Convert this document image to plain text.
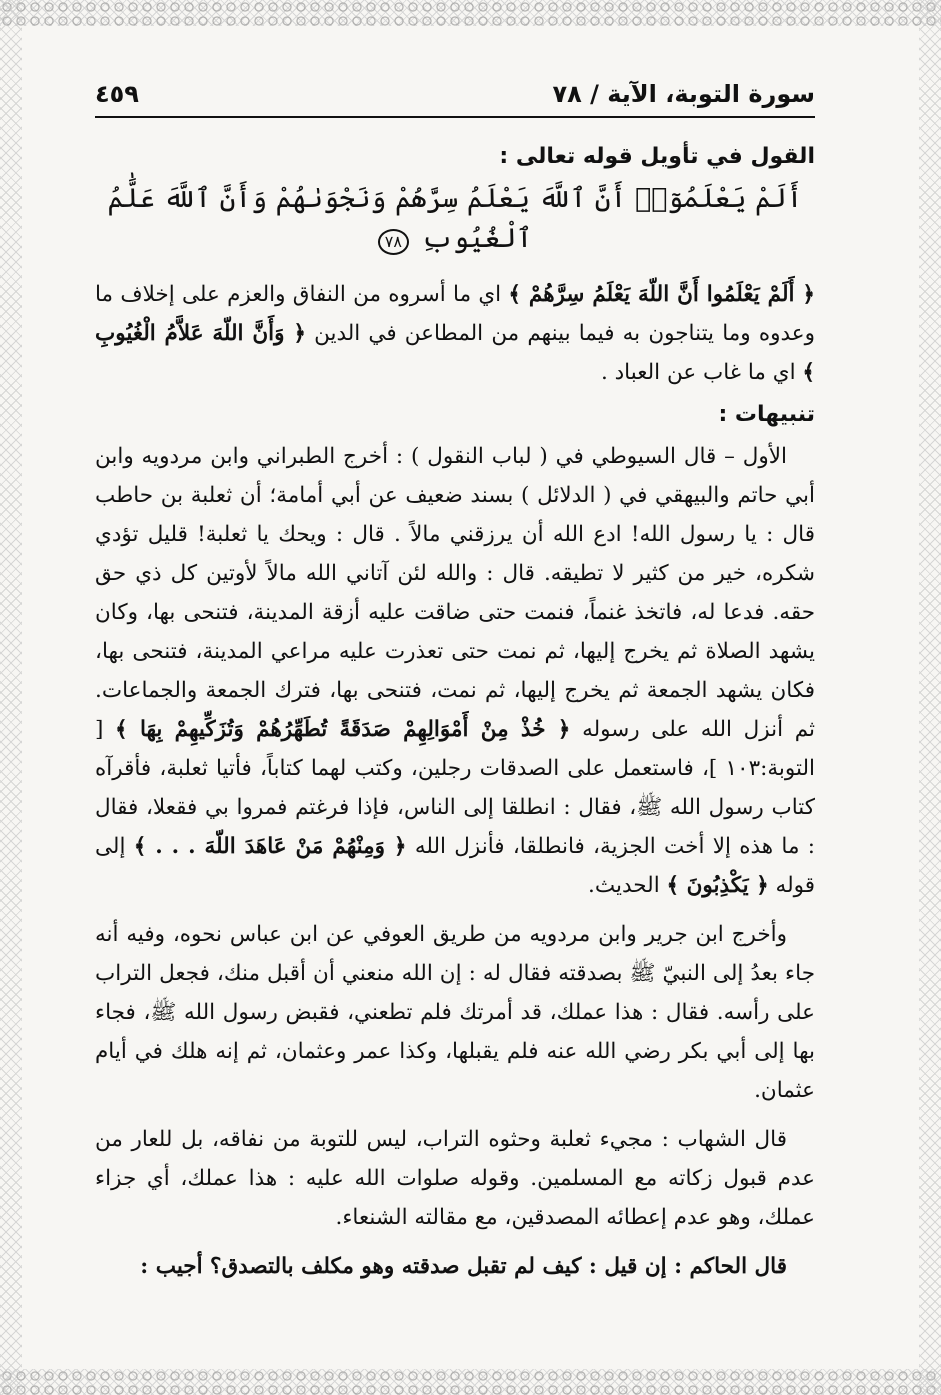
سورة التوبة، الآية / ٧٨
٤٥٩
القول في تأويل قوله تعالى :
أَلَمْ يَعْلَمُوٓا۟ أَنَّ ٱللَّهَ يَعْلَمُ سِرَّهُمْ وَنَجْوَىٰهُمْ وَأَنَّ ٱللَّهَ عَلَّٰمُ ٱلْغُيُوبِ ٧٨

﴿ أَلَمْ يَعْلَمُوا أَنَّ اللّهَ يَعْلَمُ سِرَّهُمْ ﴾ اي ما أسروه من النفاق والعزم على إخلاف ما وعدوه وما يتناجون به فيما بينهم من المطاعن في الدين ﴿ وَأَنَّ اللّهَ عَلاَّمُ الْغُيُوبِ ﴾ اي ما غاب عن العباد .

تنبيهات :

الأول – قال السيوطي في ( لباب النقول ) : أخرج الطبراني وابن مردويه وابن أبي حاتم والبيهقي في ( الدلائل ) بسند ضعيف عن أبي أمامة؛ أن ثعلبة بن حاطب قال : يا رسول الله! ادع الله أن يرزقني مالاً . قال : ويحك يا ثعلبة! قليل تؤدي شكره، خير من كثير لا تطيقه. قال : والله لئن آتاني الله مالاً لأوتين كل ذي حق حقه. فدعا له، فاتخذ غنماً، فنمت حتى ضاقت عليه أزقة المدينة، فتنحى بها، وكان يشهد الصلاة ثم يخرج إليها، ثم نمت حتى تعذرت عليه مراعي المدينة، فتنحى بها، فكان يشهد الجمعة ثم يخرج إليها، ثم نمت، فتنحى بها، فترك الجمعة والجماعات. ثم أنزل الله على رسوله ﴿ خُذْ مِنْ أَمْوَالِهِمْ صَدَقَةً تُطَهِّرُهُمْ وَتُزَكِّيهِمْ بِهَا ﴾ [ التوبة:١٠٣ ]، فاستعمل على الصدقات رجلين، وكتب لهما كتاباً، فأتيا ثعلبة، فأقرآه كتاب رسول الله ﷺ، فقال : انطلقا إلى الناس، فإذا فرغتم فمروا بي فقعلا، فقال : ما هذه إلا أخت الجزية، فانطلقا، فأنزل الله ﴿ وَمِنْهُمْ مَنْ عَاهَدَ اللّهَ . . . ﴾ إلى قوله ﴿ يَكْذِبُونَ ﴾ الحديث.

وأخرج ابن جرير وابن مردويه من طريق العوفي عن ابن عباس نحوه، وفيه أنه جاء بعدُ إلى النبيّ ﷺ بصدقته فقال له : إن الله منعني أن أقبل منك، فجعل التراب على رأسه. فقال : هذا عملك، قد أمرتك فلم تطعني، فقبض رسول الله ﷺ، فجاء بها إلى أبي بكر رضي الله عنه فلم يقبلها، وكذا عمر وعثمان، ثم إنه هلك في أيام عثمان.

قال الشهاب : مجيء ثعلبة وحثوه التراب، ليس للتوبة من نفاقه، بل للعار من عدم قبول زكاته مع المسلمين. وقوله صلوات الله عليه : هذا عملك، أي جزاء عملك، وهو عدم إعطائه المصدقين، مع مقالته الشنعاء.

قال الحاكم : إن قيل : كيف لم تقبل صدقته وهو مكلف بالتصدق؟ أجيب :
